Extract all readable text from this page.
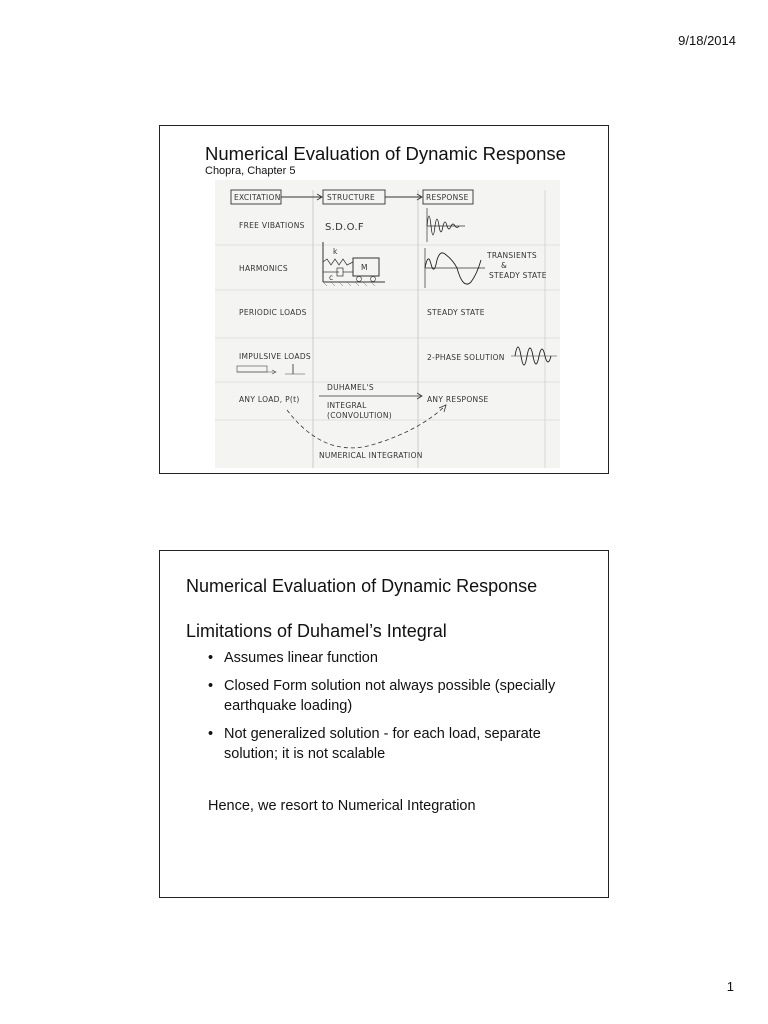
9/18/2014
Numerical Evaluation of Dynamic Response
Chopra, Chapter 5
EXCITATION	STRUCTURE	RESPONSE
FREE VIBATIONS
HARMONICS
PERIODIC LOADS
IMPULSIVE LOADS
ANY LOAD, P(t)
S.D.O.F
M
k
c
TRANSIENTS
&
STEADY STATE
STEADY STATE
2-PHASE SOLUTION
ANY RESPONSE
DUHAMEL'S
INTEGRAL
(CONVOLUTION)
NUMERICAL INTEGRATION
Numerical Evaluation of Dynamic Response
Limitations of Duhamel’s Integral
• Assumes linear function
• Closed Form solution not always possible (specially earthquake loading)
• Not generalized solution - for each load, separate solution; it is not scalable
Hence, we resort to Numerical Integration
1
